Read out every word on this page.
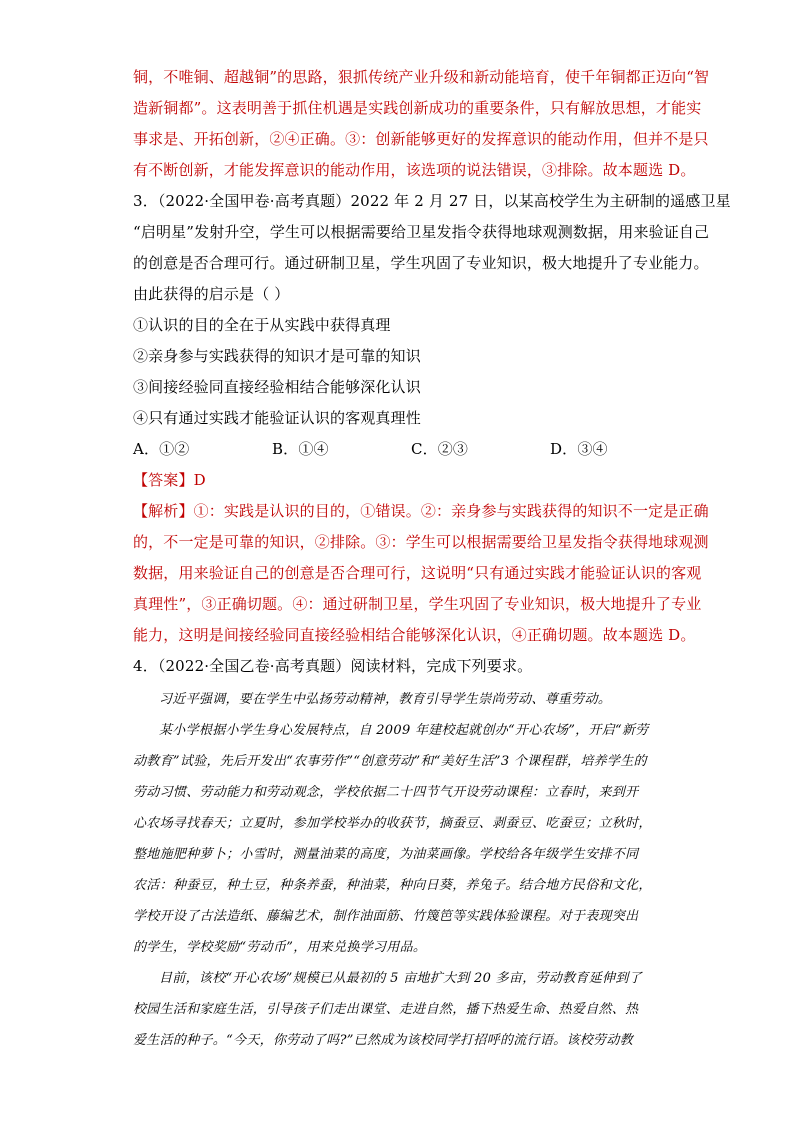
铜，不唯铜、超越铜”的思路，狠抓传统产业升级和新动能培育，使千年铜都正迈向“智
造新铜都”。这表明善于抓住机遇是实践创新成功的重要条件，只有解放思想，才能实
事求是、开拓创新，②④正确。③：创新能够更好的发挥意识的能动作用，但并不是只
有不断创新，才能发挥意识的能动作用，该选项的说法错误，③排除。故本题选 D。
3．（2022·全国甲卷·高考真题）2022 年 2 月 27 日，以某高校学生为主研制的遥感卫星
“启明星”发射升空，学生可以根据需要给卫星发指令获得地球观测数据，用来验证自己
的创意是否合理可行。通过研制卫星，学生巩固了专业知识，极大地提升了专业能力。
由此获得的启示是（ ）
①认识的目的全在于从实践中获得真理
②亲身参与实践获得的知识才是可靠的知识
③间接经验同直接经验相结合能够深化认识
④只有通过实践才能验证认识的客观真理性
A．①②	B．①④	C．②③	D．③④
【答案】D
【解析】①：实践是认识的目的，①错误。②：亲身参与实践获得的知识不一定是正确
的，不一定是可靠的知识，②排除。③：学生可以根据需要给卫星发指令获得地球观测
数据，用来验证自己的创意是否合理可行，这说明“只有通过实践才能验证认识的客观
真理性”，③正确切题。④：通过研制卫星，学生巩固了专业知识，极大地提升了专业
能力，这明是间接经验同直接经验相结合能够深化认识，④正确切题。故本题选 D。
4．（2022·全国乙卷·高考真题）阅读材料，完成下列要求。
习近平强调，要在学生中弘扬劳动精神，教育引导学生崇尚劳动、尊重劳动。
某小学根据小学生身心发展特点，自 2009 年建校起就创办“开心农场”，开启“新劳
动教育”试验，先后开发出“农事劳作”“创意劳动”和“美好生活”3 个课程群，培养学生的
劳动习惯、劳动能力和劳动观念，学校依据二十四节气开设劳动课程：立春时，来到开
心农场寻找春天；立夏时，参加学校举办的收获节，摘蚕豆、剥蚕豆、吃蚕豆；立秋时，
整地施肥种萝卜；小雪时，测量油菜的高度，为油菜画像。学校给各年级学生安排不同
农活：种蚕豆，种土豆，种条养蚕，种油菜，种向日葵，养兔子。结合地方民俗和文化，
学校开设了古法造纸、藤编艺术，制作油面筋、竹篾笆等实践体验课程。对于表现突出
的学生，学校奖励“劳动币”，用来兑换学习用品。
目前，该校“开心农场”规模已从最初的 5 亩地扩大到 20 多亩，劳动教育延伸到了
校园生活和家庭生活，引导孩子们走出课堂、走进自然，播下热爱生命、热爱自然、热
爱生活的种子。“今天，你劳动了吗?”已然成为该校同学打招呼的流行语。该校劳动教
